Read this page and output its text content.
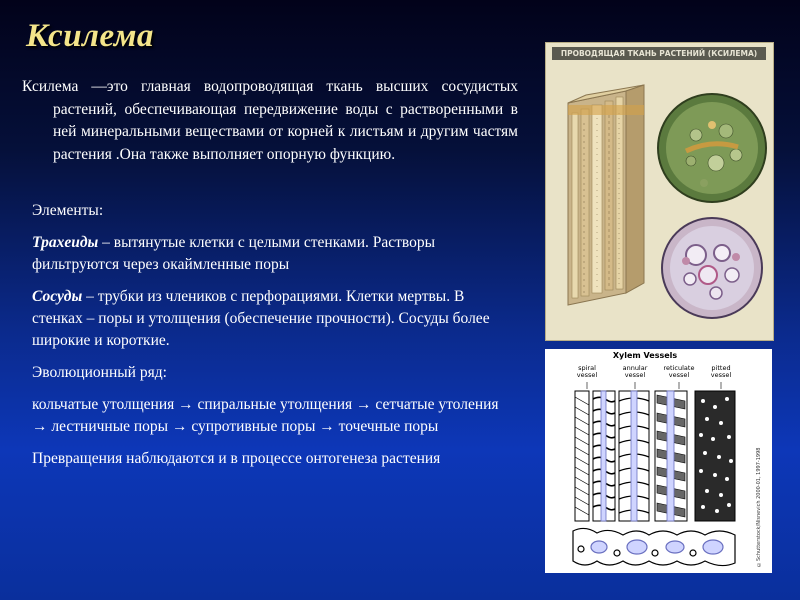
Ксилема
Ксилема —это главная водопроводящая ткань высших сосудистых растений, обеспечивающая передвижение воды с растворенными в ней минеральными веществами от корней к листьям и другим частям растения .Она также выполняет опорную функцию.

Элементы:

Трахеиды – вытянутые клетки с целыми стенками. Растворы фильтруются через окаймленные поры

Сосуды – трубки из члеников с перфорациями. Клетки мертвы. В стенках – поры и утолщения (обеспечение прочности). Сосуды более широкие и короткие.

Эволюционный ряд:

кольчатые утолщения → спиральные утолщения → сетчатые утоления → лестничные поры → супротивные поры → точечные поры

Превращения наблюдаются и в процессе онтогенеза растения

ПРОВОДЯЩАЯ ТКАНЬ РАСТЕНИЙ (КСИЛЕМА)
Xylem Vessels
spiral vessel
annular vessel
reticulate vessel
pitted vessel
©Schutterstock/Nisnevich 2000-01, 1997-1998
